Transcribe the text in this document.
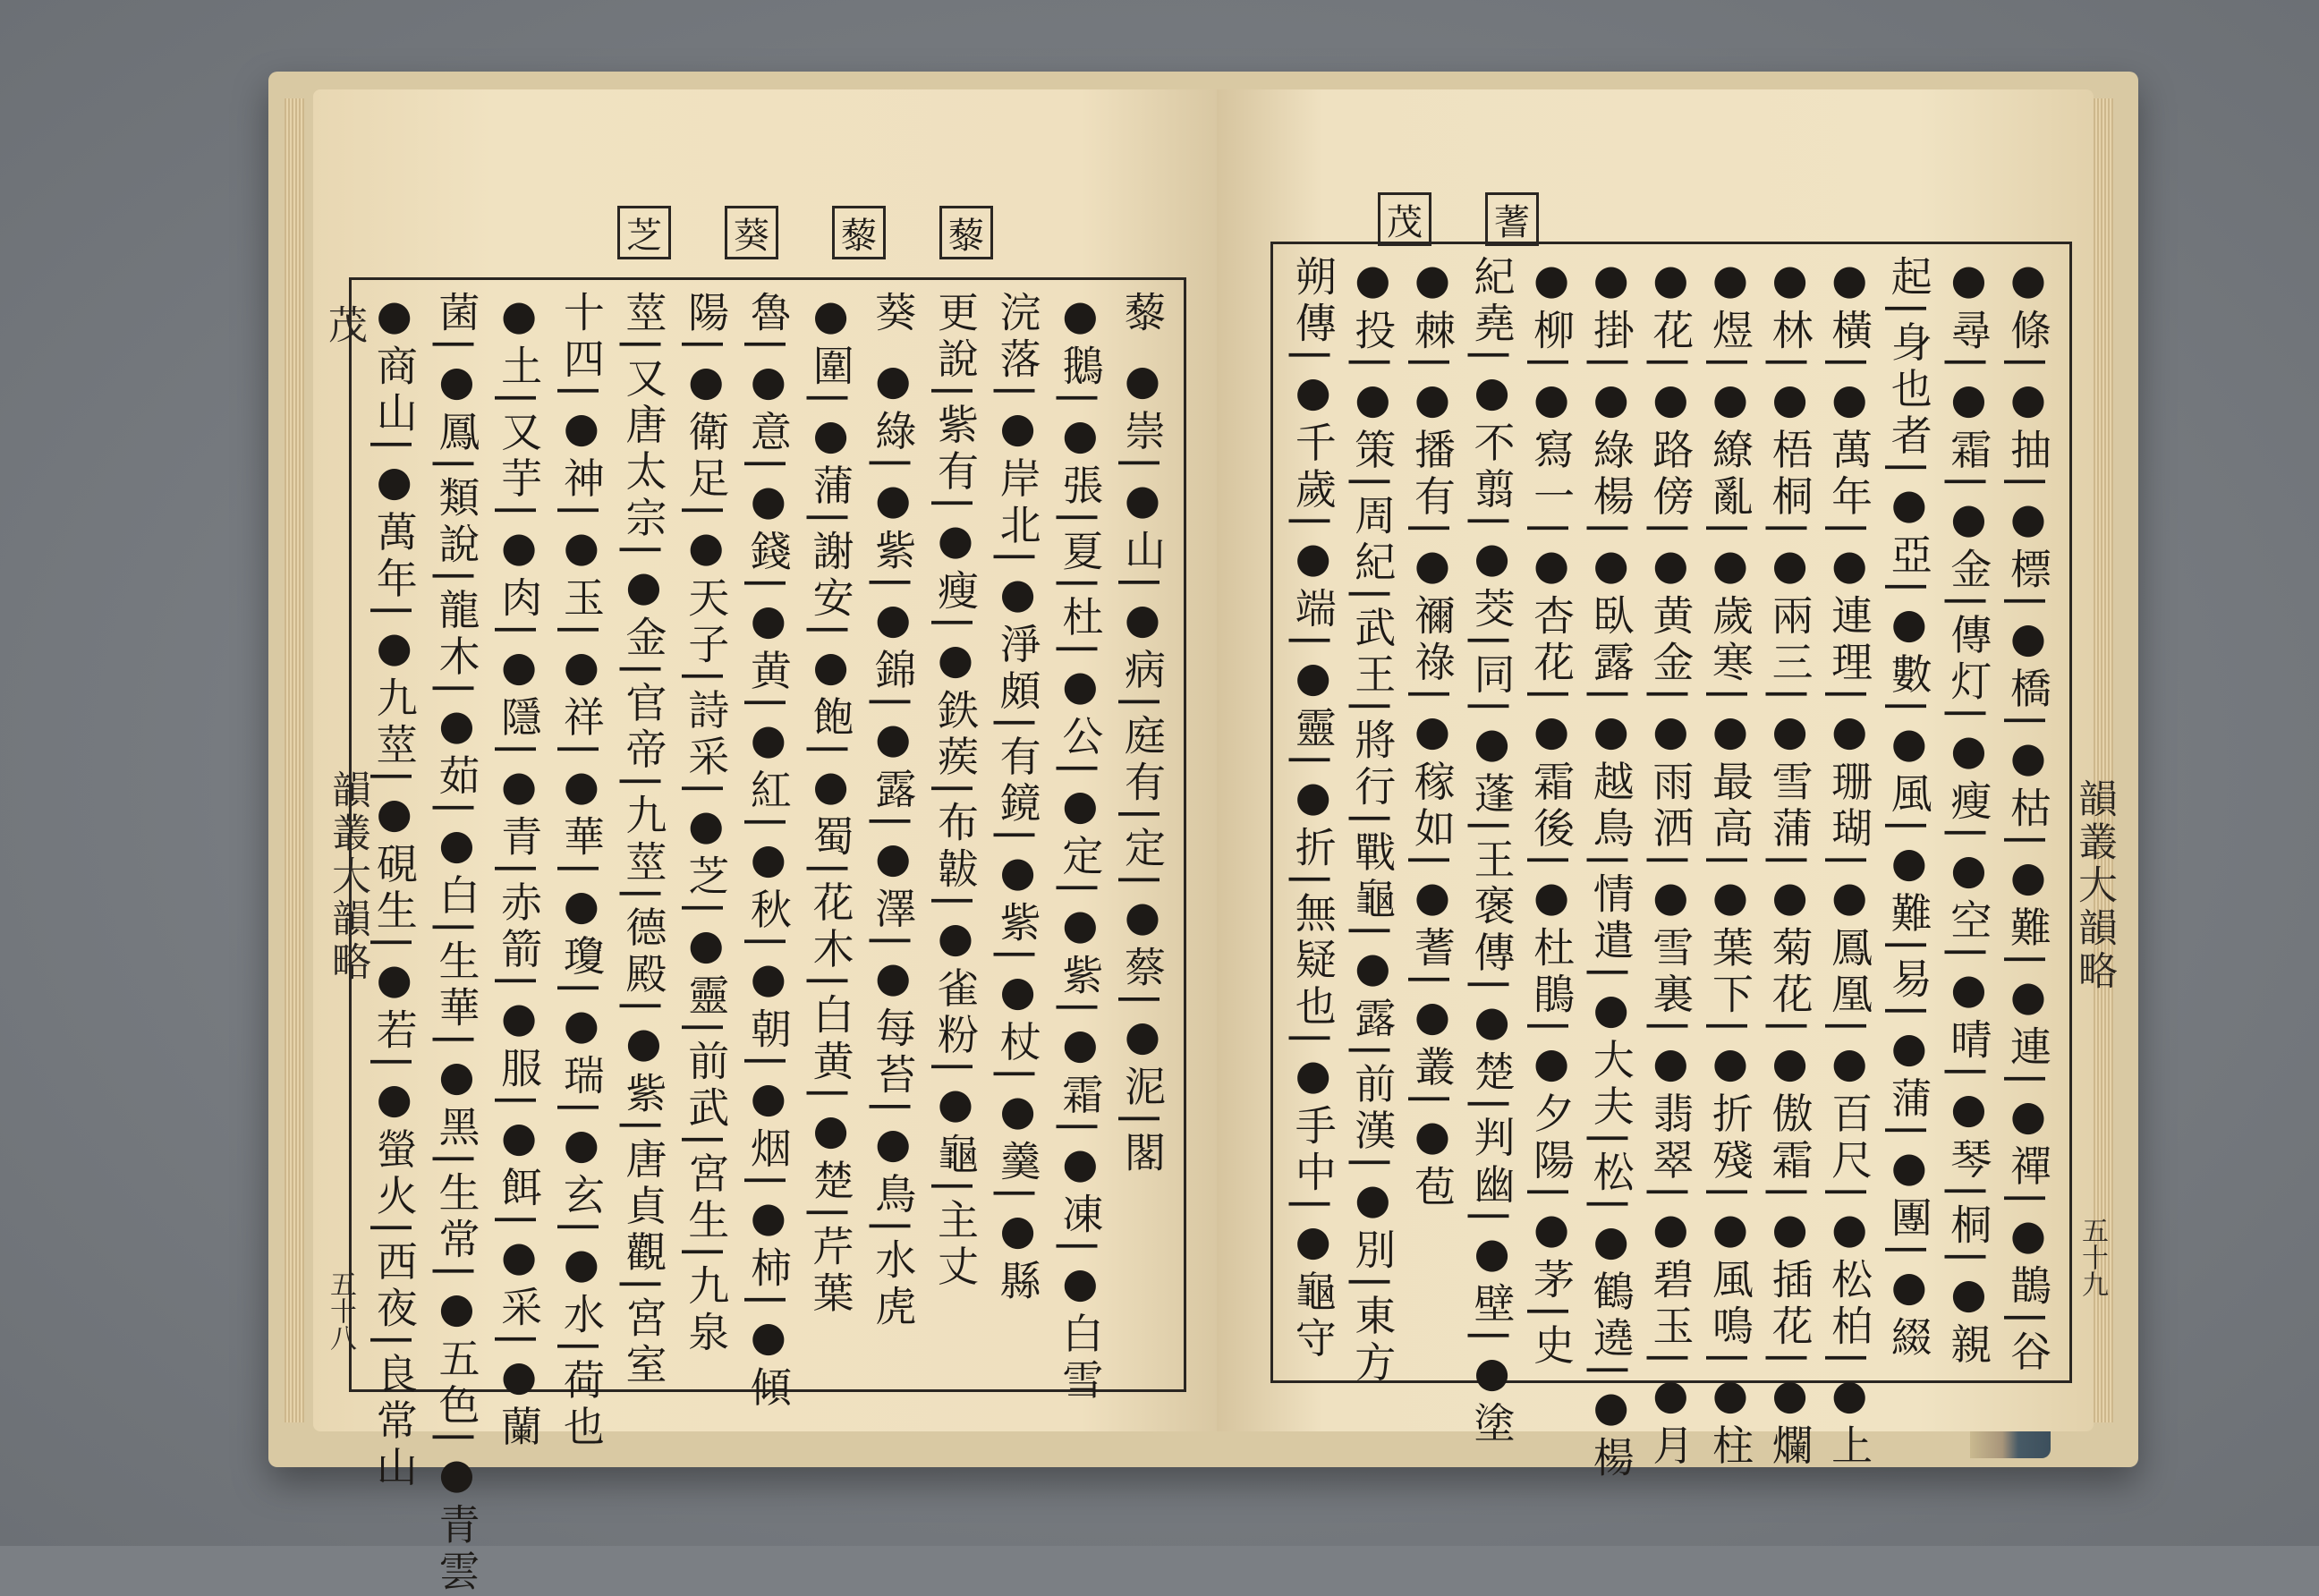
茂
芝 葵 藜 藜
藜 ●崇|●山|●病|庭有|定|●蔡|●泥|閣
●鵝|●張|夏|杜|●公|●定|●紫|●霜|●凍|●白雪
浣落|●岸北|●淨頗|有鏡|●紫|●杖|●羹|●縣
更說|紫有|●瘦|●鉄蒺|布韍|●雀粉|●龜|主丈
葵 ●綠|●紫|●錦|●露|●澤|●每苔|●鳥|水虎
●圍|●蒲|謝安|●飽|●蜀|花木|白黄|●楚|芹葉
魯|●意|●錢|●黄|●紅|●秋|●朝|●烟|●柿|●傾
陽|●衛足|●天子|詩采|●芝|●靈|前武|宮生|九泉
莖|又唐太宗|●金|官帝|九莖|德殿|●紫|唐貞觀|宮室
十四|●神|●玉|●祥|●華|●瓊|●瑞|●玄|●水|荷也
●土|又芋|●肉|●隱|●青|赤箭|●服|●餌|●采|●蘭
菌|●鳳|類說|龍木|●茹|●白|生華|●黑|生常|●五色|●青雲
●商山|●萬年|●九莖|●硯生|●若|●螢火|西夜|良常山
韻叢大韻略
五十八
茂 蓍
●條|●抽|●標|●橋|●枯|●難|●連|●禪|●鵲|谷
●尋|●霜|●金|傳灯|●瘦|●空|●晴|●琴|桐|●親
起|身也者|●亞|●數|●風|●難|易|●蒲|●團|●綴
●橫|●萬年|●連理|●珊瑚|●鳳凰|●百尺|●松柏|●上
●林|●梧桐|●兩三|●雪蒲|●菊花|●傲霜|●插花|●爛
●煜|●繚亂|●歲寒|●最高|●葉下|●折殘|●風鳴|●柱
●花|●路傍|●黄金|●雨洒|●雪裏|●翡翠|●碧玉|●月
●掛|●綠楊|●臥露|●越鳥|情遣|●大夫|松|●鶴遶|●楊
●柳|●寫一|●杏花|●霜後|●杜鵑|●夕陽|●茅|史
紀堯|●不翦|●茭|同|●蓬|王褒傳|●楚|判幽|●壁|●塗
●棘|●播有|●禰祿|●稼如|●蓍|●叢|●苞
●投|●策|周紀|武王|將行|戰龜|●露|前漢|●別|東方
朔傳|●千歲|●端|●靈|●折|無疑也|●手中|●龜守	韻叢大韻略
五十九
